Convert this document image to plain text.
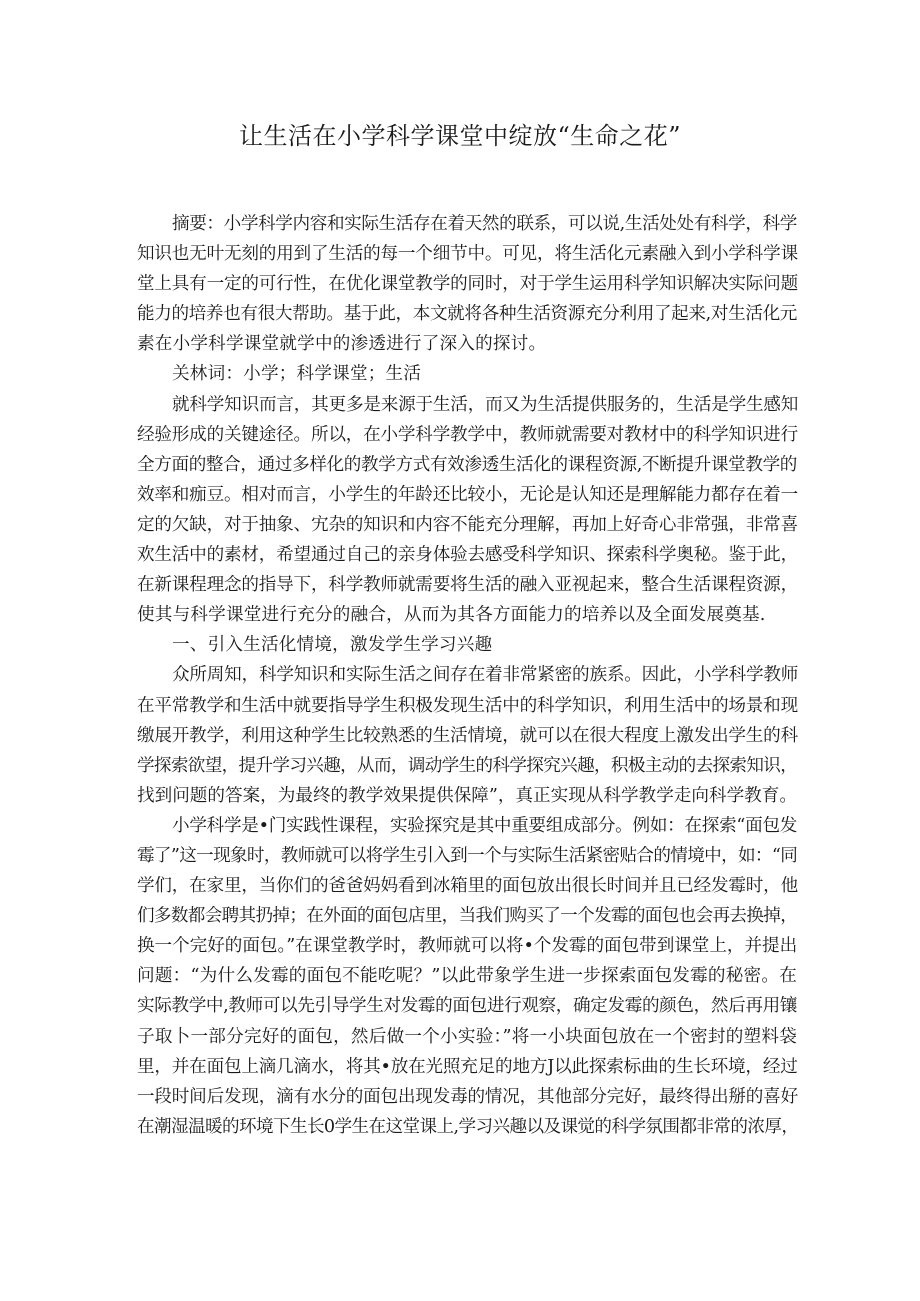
让生活在小学科学课堂中绽放“生命之花”
摘要：小学科学内容和实际生活存在着天然的联系，可以说,生活处处有科学，科学
知识也无叶无刻的用到了生活的每一个细节中。可见，将生活化元素融入到小学科学课
堂上具有一定的可行性，在优化课堂教学的同时，对于学生运用科学知识解决实际问题
能力的培养也有很大帮助。基于此，本文就将各种生活资源充分利用了起来,对生活化元
素在小学科学课堂就学中的渗透进行了深入的探讨。
关林词：小学；科学课堂；生活
就科学知识而言，其更多是来源于生活，而又为生活提供服务的，生活是学生感知
经验形成的关键途径。所以，在小学科学教学中，教师就需要对教材中的科学知识进行
全方面的整合，通过多样化的教学方式有效渗透生活化的课程资源,不断提升课堂教学的
效率和痂豆。相对而言，小学生的年龄还比较小，无论是认知还是理解能力都存在着一
定的欠缺，对于抽象、宄杂的知识和内容不能充分理解，再加上好奇心非常强，非常喜
欢生活中的素材，希望通过自己的亲身体验去感受科学知识、探索科学奥秘。鉴于此，
在新课程理念的指导下，科学教师就需要将生活的融入亚视起来，整合生活课程资源，
使其与科学课堂进行充分的融合，从而为其各方面能力的培养以及全面发展奠基.
一、引入生活化情境，激发学生学习兴趣
众所周知，科学知识和实际生活之间存在着非常紧密的族系。因此，小学科学教师
在平常教学和生活中就要指导学生积极发现生活中的科学知识，利用生活中的场景和现
缴展开教学，利用这种学生比较熟悉的生活情境，就可以在很大程度上激发出学生的科
学探索欲望，提升学习兴趣，从而，调动学生的科学探究兴趣，积极主动的去探索知识，
找到问题的答案，为最终的教学效果提供保障”，真正实现从科学教学走向科学教育。
小学科学是•门实践性课程，实验探究是其中重要组成部分。例如：在探索“面包发
霉了”这一现象时，教师就可以将学生引入到一个与实际生活紧密贴合的情境中，如：“同
学们，在家里，当你们的爸爸妈妈看到冰箱里的面包放出很长时间并且已经发霉时，他
们多数都会聘其扔掉；在外面的面包店里，当我们购买了一个发霉的面包也会再去换掉，
换一个完好的面包。”在课堂教学时，教师就可以将•个发霉的面包带到课堂上，并提出
问题：“为什么发霉的面包不能吃呢？”以此带象学生进一步探索面包发霉的秘密。在
实际教学中,教师可以先引导学生对发霉的面包进行观察，确定发霉的颜色，然后再用镶
子取卜一部分完好的面包，然后做一个小实验：”将一小块面包放在一个密封的塑料袋
里，并在面包上滴几滴水，将其•放在光照充足的地方J以此探索标曲的生长环境，经过
一段时间后发现，滴有水分的面包出现发毒的情况，其他部分完好，最终得出掰的喜好
在潮湿温暖的环境下生长0学生在这堂课上,学习兴趣以及课觉的科学氛围都非常的浓厚，
